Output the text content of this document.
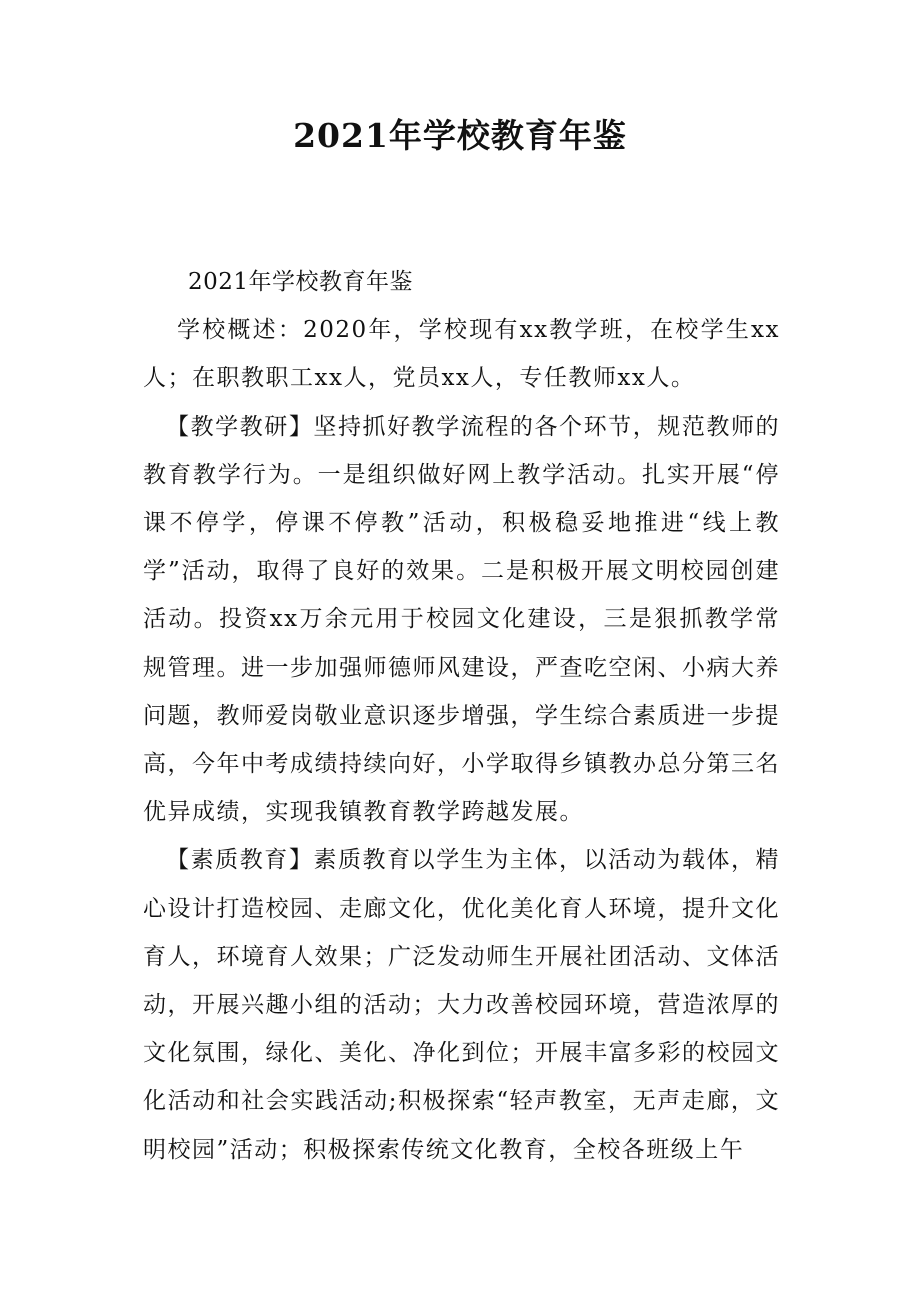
2021年学校教育年鉴

2021年学校教育年鉴

学校概述：2020年，学校现有xx教学班，在校学生xx人；在职教职工xx人，党员xx人，专任教师xx人。

【教学教研】坚持抓好教学流程的各个环节，规范教师的教育教学行为。一是组织做好网上教学活动。扎实开展“停课不停学，停课不停教”活动，积极稳妥地推进“线上教学”活动，取得了良好的效果。二是积极开展文明校园创建活动。投资xx万余元用于校园文化建设，三是狠抓教学常规管理。进一步加强师德师风建设，严查吃空闲、小病大养问题，教师爱岗敬业意识逐步增强，学生综合素质进一步提高，今年中考成绩持续向好，小学取得乡镇教办总分第三名优异成绩，实现我镇教育教学跨越发展。

【素质教育】素质教育以学生为主体，以活动为载体，精心设计打造校园、走廊文化，优化美化育人环境，提升文化育人，环境育人效果；广泛发动师生开展社团活动、文体活动，开展兴趣小组的活动；大力改善校园环境，营造浓厚的文化氛围，绿化、美化、净化到位；开展丰富多彩的校园文化活动和社会实践活动;积极探索“轻声教室，无声走廊，文明校园”活动；积极探索传统文化教育，全校各班级上午
